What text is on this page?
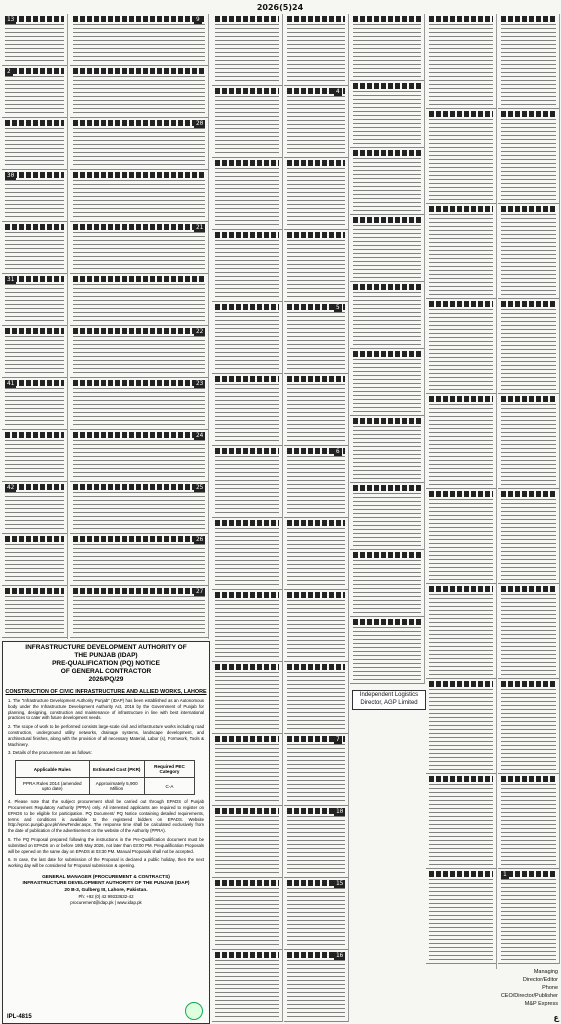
2026(5)24
13
2
30
31
41
42
9
20
21
22
23
24
25
26
27
4
5
6
7
10
15
16
1
INFRASTRUCTURE DEVELOPMENT AUTHORITY OF
THE PUNJAB (IDAP)
PRE-QUALIFICATION (PQ) NOTICE
OF GENERAL CONTRACTOR
2026/PQ/29
CONSTRUCTION OF CIVIC INFRASTRUCTURE AND ALLIED WORKS, LAHORE

1. The "Infrastructure Development Authority Punjab" (IDAP) has been established as an Autonomous body under the Infrastructure Development Authority Act, 2016 by the Government of Punjab for planning, designing, construction and maintenance of infrastructure in line with best international practices to cater with future development needs.

2. The scope of work to be performed consists large-scale civil and infrastructure works including road construction, underground utility networks, drainage systems, landscape development, and architectural finishes, along with the provision of all necessary Material, Labor (s), Formwork, Tools & Machinery.

3. Details of the procurement are as follows:

Applicable Rules	Estimated Cost (PKR)	Required PEC Category
PPRA Rules 2014 (amended upto date)	Approximately 5,900 Million	C-A

4. Please note that the subject procurement shall be carried out through EPADS of Punjab Procurement Regulatory Authority (PPRA) only. All interested applicants are required to register on EPADS to be eligible for participation. PQ Document/ PQ Notice containing detailed requirements, terms and conditions is available to the registered bidders on EPADS. Website http://eproc.punjab.gov.pk/ViewTender.aspx. The response time shall be calculated exclusively from the date of publication of the advertisement on the website of the Authority (PPRA).

5. The PQ Proposal prepared following the instructions in the Pre-Qualification document must be submitted on EPADS on or before 19th May 2026, not later than 03:00 PM. Prequalification Proposals will be opened on the same day on EPADS at 03:30 PM. Manual Proposals shall not be accepted.

6. In case, the last date for submission of the Proposal is declared a public holiday, then the next working day will be considered for Proposal submission & opening.

GENERAL MANAGER (PROCUREMENT & CONTRACTS)
INFRASTRUCTURE DEVELOPMENT AUTHORITY OF THE PUNJAB (IDAP)
20 B-3, Gulberg III, Lahore, Pakistan.
Ph: +92 (0) 42 99333632-42
procurement@idap.pk | www.idap.pk
IPL-4815
Independent Logistics
Director, AGP Limited
Managing Director/Editor
Phone
CEO/Director/Publisher
M&P Express
ع
